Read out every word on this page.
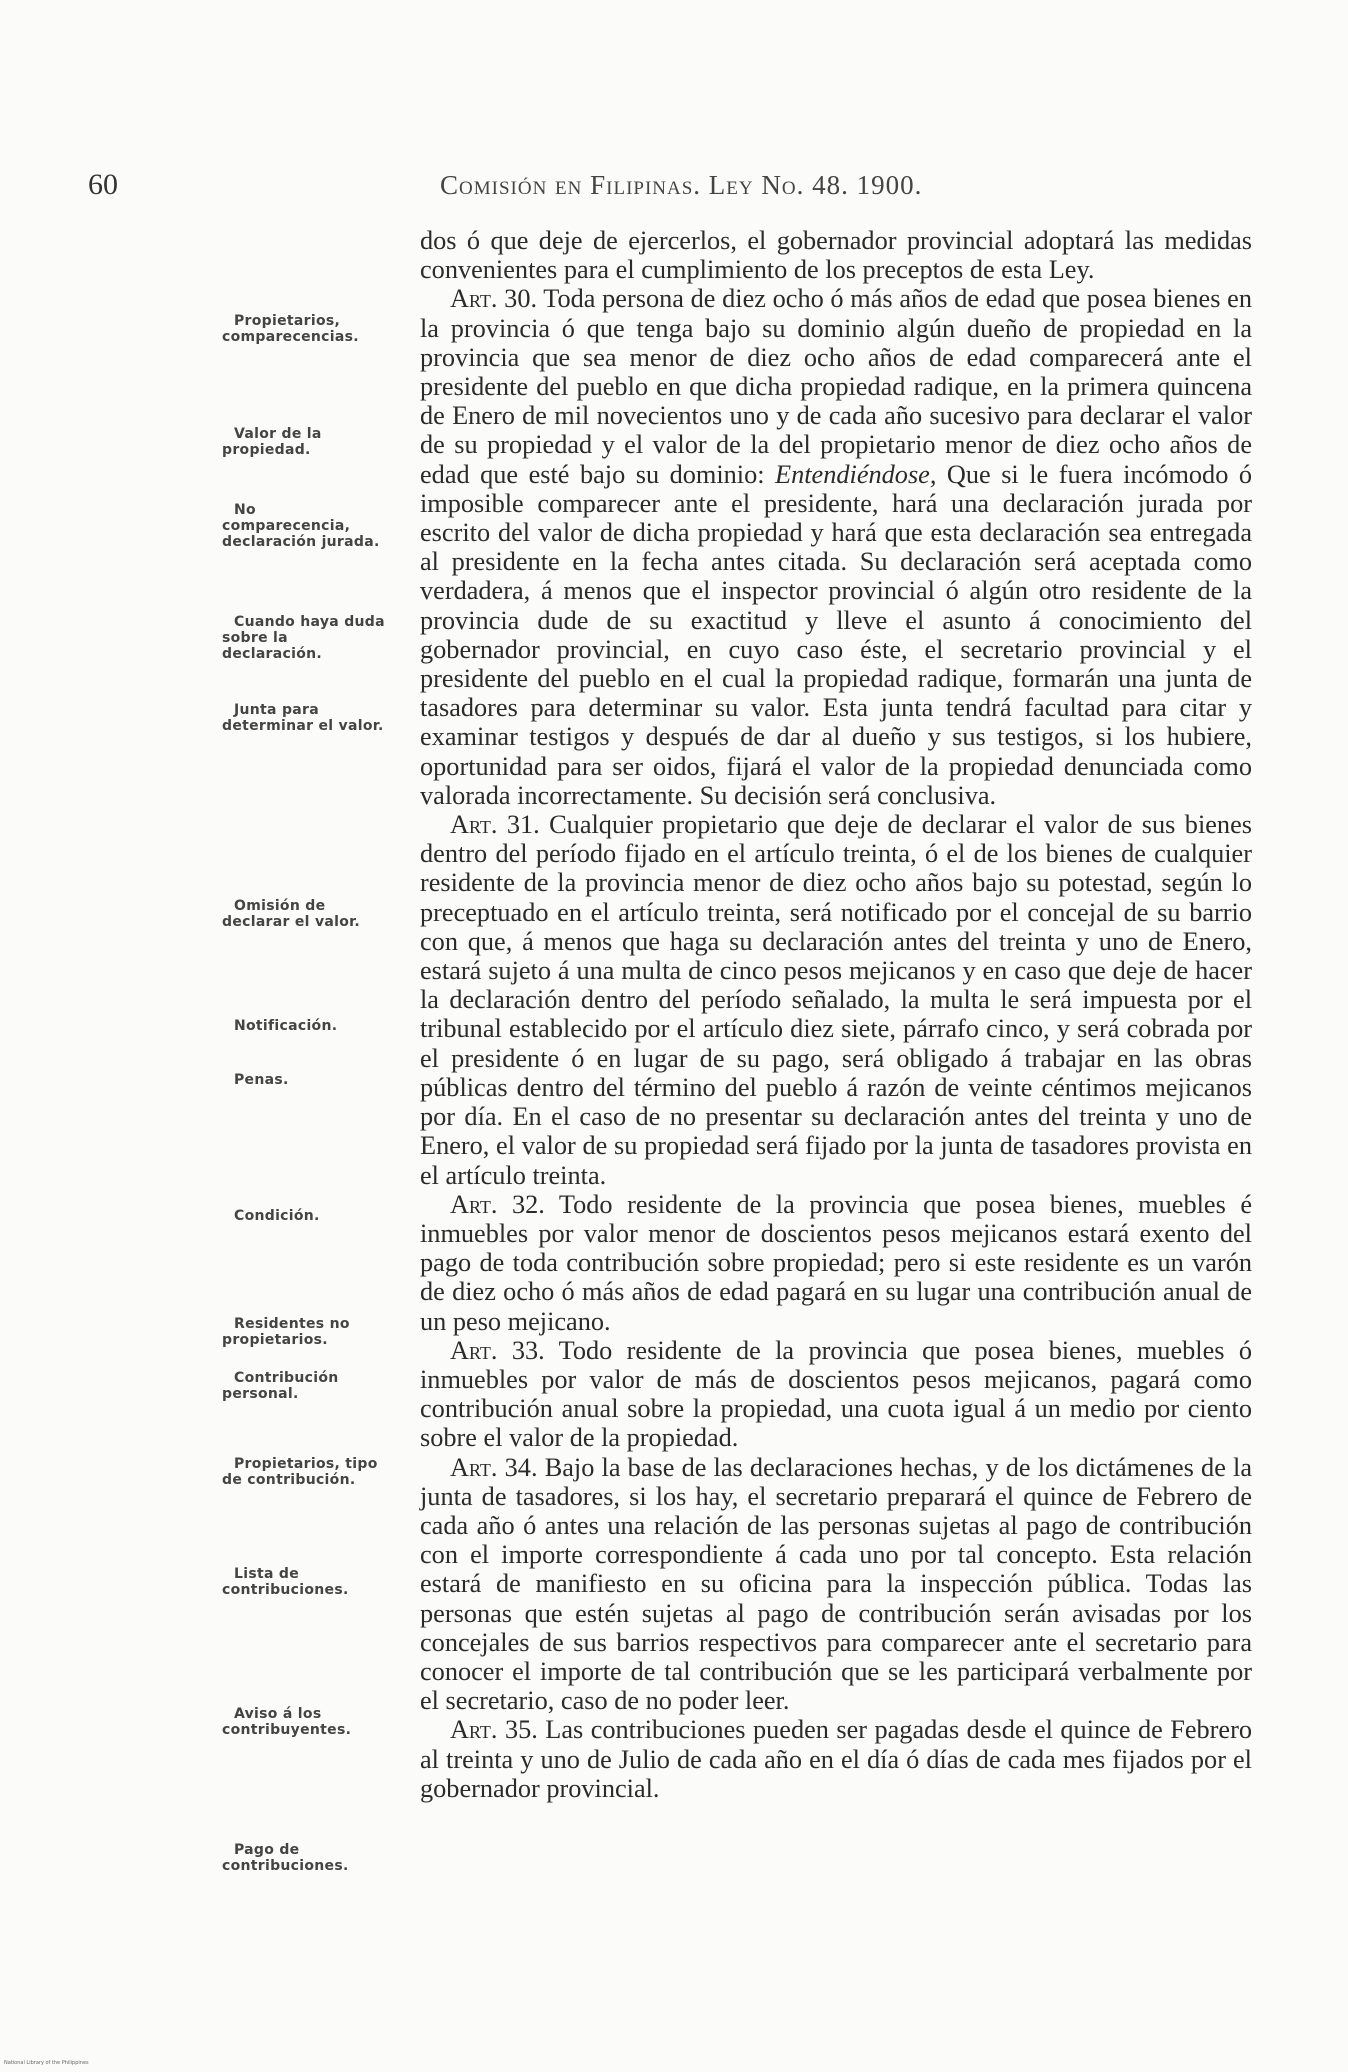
60	Comisión en Filipinas. Ley No. 48. 1900.
Propietarios, comparecencias.
Valor de la propiedad.
No comparecencia, declaración jurada.
Cuando haya duda sobre la declaración.
Junta para determinar el valor.
Omisión de declarar el valor.
Notificación.
Penas.
Condición.
Residentes no propietarios.
Contribución personal.
Propietarios, tipo de contribución.
Lista de contribuciones.
Aviso á los contribuyentes.
Pago de contribuciones.

dos ó que deje de ejercerlos, el gobernador provincial adoptará las medidas convenientes para el cumplimiento de los preceptos de esta Ley.

Art. 30. Toda persona de diez ocho ó más años de edad que posea bienes en la provincia ó que tenga bajo su dominio algún dueño de propiedad en la provincia que sea menor de diez ocho años de edad comparecerá ante el presidente del pueblo en que dicha propiedad radique, en la primera quincena de Enero de mil novecientos uno y de cada año sucesivo para declarar el valor de su propiedad y el valor de la del propietario menor de diez ocho años de edad que esté bajo su dominio: Entendiéndose, Que si le fuera incómodo ó imposible comparecer ante el presidente, hará una declaración jurada por escrito del valor de dicha propiedad y hará que esta declaración sea entregada al presidente en la fecha antes citada. Su declaración será aceptada como verdadera, á menos que el inspector provincial ó algún otro residente de la provincia dude de su exactitud y lleve el asunto á conocimiento del gobernador provincial, en cuyo caso éste, el secretario provincial y el presidente del pueblo en el cual la propiedad radique, formarán una junta de tasadores para determinar su valor. Esta junta tendrá facultad para citar y examinar testigos y después de dar al dueño y sus testigos, si los hubiere, oportunidad para ser oidos, fijará el valor de la propiedad denunciada como valorada incorrectamente. Su decisión será conclusiva.

Art. 31. Cualquier propietario que deje de declarar el valor de sus bienes dentro del período fijado en el artículo treinta, ó el de los bienes de cualquier residente de la provincia menor de diez ocho años bajo su potestad, según lo preceptuado en el artículo treinta, será notificado por el concejal de su barrio con que, á menos que haga su declaración antes del treinta y uno de Enero, estará sujeto á una multa de cinco pesos mejicanos y en caso que deje de hacer la declaración dentro del período señalado, la multa le será impuesta por el tribunal establecido por el artículo diez siete, párrafo cinco, y será cobrada por el presidente ó en lugar de su pago, será obligado á trabajar en las obras públicas dentro del término del pueblo á razón de veinte céntimos mejicanos por día. En el caso de no presentar su declaración antes del treinta y uno de Enero, el valor de su propiedad será fijado por la junta de tasadores provista en el artículo treinta.

Art. 32. Todo residente de la provincia que posea bienes, muebles é inmuebles por valor menor de doscientos pesos mejicanos estará exento del pago de toda contribución sobre propiedad; pero si este residente es un varón de diez ocho ó más años de edad pagará en su lugar una contribución anual de un peso mejicano.

Art. 33. Todo residente de la provincia que posea bienes, muebles ó inmuebles por valor de más de doscientos pesos mejicanos, pagará como contribución anual sobre la propiedad, una cuota igual á un medio por ciento sobre el valor de la propiedad.

Art. 34. Bajo la base de las declaraciones hechas, y de los dictámenes de la junta de tasadores, si los hay, el secretario preparará el quince de Febrero de cada año ó antes una relación de las personas sujetas al pago de contribución con el importe correspondiente á cada uno por tal concepto. Esta relación estará de manifiesto en su oficina para la inspección pública. Todas las personas que estén sujetas al pago de contribución serán avisadas por los concejales de sus barrios respectivos para comparecer ante el secretario para conocer el importe de tal contribución que se les participará verbalmente por el secretario, caso de no poder leer.

Art. 35. Las contribuciones pueden ser pagadas desde el quince de Febrero al treinta y uno de Julio de cada año en el día ó días de cada mes fijados por el gobernador provincial.

National Library of the Philippines
